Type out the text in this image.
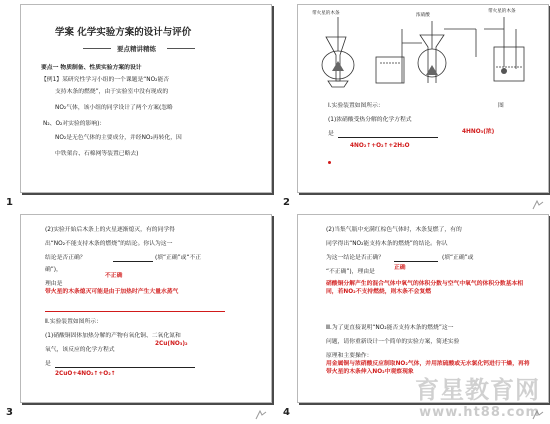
学案 化学实验方案的设计与评价
要点精讲精练
要点一 物质制备、性质实验方案的设计
【例1】某研究性学习小组的一个课题是“NO₂能否
支持木条的燃烧”，由于实验室中没有现成的
NO₂气体，该小组的同学设计了两个方案(忽略
N₂、O₂对实验的影响)：
NO₂是无色气体的主要成分，并经NO₂再转化，因
中铁架台、石棉网等装置已略去)
1
带火星的木条	浓硝酸
带火星的木条
Ⅰ.实验装置如图所示：	图
(1)浓硝酸受热分解的化学方程式
是	4HNO₃(浓)
4NO₂↑+O₂↑+2H₂O
2
(2)实验开始后木条上的火星逐渐熄灭，有的同学得
出“NO₂不能支持木条的燃烧”的结论。你认为这一
结论是否正确？	(填“正确”或“不正
确”)，
不正确
理由是
带火星的木条熄灭可能是由于加热时产生大量水蒸气
Ⅱ.实验装置如图所示：
(1)硝酸铜固体加热分解的产物有氧化铜、二氧化氮和
氧气，该反应的化学方程式
2Cu(NO₃)₂
是
2CuO+4NO₂↑+O₂↑
3
(2)当集气瓶中充满红棕色气体时，木条复燃了，有的
同学得出“NO₂能支持木条的燃烧”的结论。你认
为这一结论是否正确？	(填“正确”或
“不正确”)，理由是
正确
硝酸铜分解产生的混合气体中氧气的体积分数与空气中氧气的体积分数基本相同，若NO₂不支持燃烧，则木条不会复燃
Ⅲ.为了更直接说明“NO₂能否支持木条的燃烧”这一
问题，请你重新设计一个简单的实验方案，简述实验
原理和主要操作：
用金属铜与浓硝酸反应制取NO₂气体，并用浓硫酸或无水氯化钙进行干燥，再将带火星的木条伸入NO₂中观察现象
4
育星教育网
www.ht88.com
